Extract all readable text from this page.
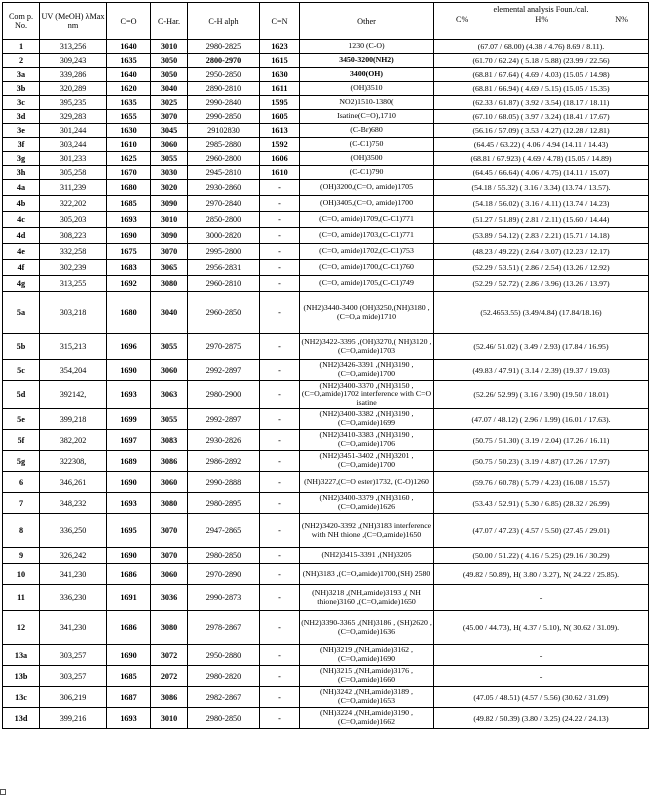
Com p. No.	UV (MeOH) λMax nm	C=O	C-Har.	C-H alph	C=N	Other	elemental analysis Foun./cal.
C% H% N%

1	313,256	1640	3010	2980-2825	1623	1230 (C-O)	(67.07 / 68.00) (4.38 / 4.76) 8.69 / 8.11).
2	309,243	1635	3050	2800-2970	1615	3450-3200(NH2)	(61.70 / 62.24) ( 5.18 / 5.88) (23.99 / 22.56)
3a	339,286	1640	3050	2950-2850	1630	3400(OH)	(68.81 / 67.64) ( 4.69 / 4.03) (15.05 / 14.98)
3b	320,289	1620	3040	2890-2810	1611	(OH)3510	(68.81 / 66.94) ( 4.69 / 5.15) (15.05 / 15.35)
3c	395,235	1635	3025	2990-2840	1595	NO2)1510-1380(	(62.33 / 61.87) ( 3.92 / 3.54) (18.17 / 18.11)
3d	329,283	1655	3070	2990-2850	1605	Isatine(C=O),1710	(67.10 / 68.05) ( 3.97 / 3.24) (18.41 / 17.67)
3e	301,244	1630	3045	29102830	1613	(C-Br)680	(56.16 / 57.09) ( 3.53 / 4.27) (12.28 / 12.81)
3f	303,244	1610	3060	2985-2880	1592	(C-C1)750	(64.45 / 63.22) ( 4.06 / 4.94 (14.11 / 14.43)
3g	301,233	1625	3055	2960-2800	1606	(OH)3500	(68.81 / 67.923) ( 4.69 / 4.78) (15.05 / 14.89)
3h	305,258	1670	3030	2945-2810	1610	(C-C1)790	(64.45 / 66.64) ( 4.06 / 4.75) (14.11 / 15.07)
4a	311,239	1680	3020	2930-2860	-	(OH)3200,(C=O, amide)1705	(54.18 / 55.32) ( 3.16 / 3.34) (13.74 / 13.57).
4b	322,202	1685	3090	2970-2840	-	(OH)3405,(C=O, amide)1700	(54.18 / 56.02) ( 3.16 / 4.11) (13.74 / 14.23)
4c	305,203	1693	3010	2850-2800	-	(C=O, amide)1709,(C-C1)771	(51.27 / 51.89) ( 2.81 / 2.11) (15.60 / 14.44)
4d	308,223	1690	3090	3000-2820	-	(C=O, amide)1703,(C-C1)771	(53.89 / 54.12) ( 2.83 / 2.21) (15.71 / 14.18)
4e	332,258	1675	3070	2995-2800	-	(C=O, amide)1702,(C-C1)753	(48.23 / 49.22) ( 2.64 / 3.07) (12.23 / 12.17)
4f	302,239	1683	3065	2956-2831	-	(C=O, amide)1700,(C-C1)760	(52.29 / 53.51) ( 2.86 / 2.54) (13.26 / 12.92)
4g	313,255	1692	3080	2960-2810	-	(C=O, amide)1705,(C-C1)749	(52.29 / 52.72) ( 2.86 / 3.96) (13.26 / 13.97)
5a	303,218	1680	3040	2960-2850	-	(NH2)3440-3400 (OH)3250,(NH)3180 ,(C=O,a mide)1710	(52.4653.55) (3.49/4.84) (17.84/18.16)
5b	315,213	1696	3055	2970-2875	-	(NH2)3422-3395 ,(OH)3270,( NH)3120 ,(C=O,amide)1703	(52.46/ 51.02) ( 3.49 / 2.93) (17.84 / 16.95)
5c	354,204	1690	3060	2992-2897	-	(NH2)3426-3391 ,(NH)3190 ,(C=O,amide)1700	(49.83 / 47.91) ( 3.14 / 2.39) (19.37 / 19.03)
5d	392142,	1693	3063	2980-2900	-	(NH2)3400-3370 ,(NH)3150 ,(C=O,amide)1702 interference with C=O isatine	(52.26/ 52.99) ( 3.16 / 3.90) (19.50 / 18.01)
5e	399,218	1699	3055	2992-2897	-	(NH2)3400-3382 ,(NH)3190 ,(C=O,amide)1699	(47.07 / 48.12) ( 2.96 / 1.99) (16.01 / 17.63).
5f	382,202	1697	3083	2930-2826	-	(NH2)3410-3383 ,(NH)3190 ,(C=O,amide)1706	(50.75 / 51.30) ( 3.19 / 2.04) (17.26 / 16.11)
5g	322308,	1689	3086	2986-2892	-	(NH2)3451-3402 ,(NH)3201 ,(C=O,amide)1700	(50.75 / 50.23) ( 3.19 / 4.87) (17.26 / 17.97)
6	346,261	1690	3060	2990-2888	-	(NH)3227,(C=O ester)1732, (C-O)1260	(59.76 / 60.78) ( 5.79 / 4.23) (16.08 / 15.57)
7	348,232	1693	3080	2980-2895	-	(NH2)3400-3379 ,(NH)3160 ,(C=O,amide)1626	(53.43 / 52.91) ( 5.30 / 6.85) (28.32 / 26.99)
8	336,250	1695	3070	2947-2865	-	(NH2)3420-3392 ,(NH)3183 interference with NH thione ,(C=O,amide)1650	(47.07 / 47.23) ( 4.57 / 5.50) (27.45 / 29.01)
9	326,242	1690	3070	2980-2850	-	(NH2)3415-3391 ,(NH)3205	(50.00 / 51.22) ( 4.16 / 5.25) (29.16 / 30.29)
10	341,230	1686	3060	2970-2890	-	(NH)3183 ,(C=O,amide)1700,(SH) 2580	(49.82 / 50.89), H( 3.80 / 3.27), N( 24.22 / 25.85).
11	336,230	1691	3036	2990-2873	-	(NH)3218 ,(NH,amide)3193 ,( NH thione)3160 ,(C=O,amide)1650	-
12	341,230	1686	3080	2978-2867	-	(NH2)3390-3365 ,(NH)3186 , (SH)2620 ,(C=O,amide)1636	(45.00 / 44.73), H( 4.37 / 5.10), N( 30.62 / 31.09).
13a	303,257	1690	3072	2950-2880	-	(NH)3219 ,(NH,amide)3162 ,(C=O,amide)1690	-
13b	303,257	1685	2072	2980-2820	-	(NH)3215 ,(NH,amide)3176 ,(C=O,amide)1660	-
13c	306,219	1687	3086	2982-2867	-	(NH)3242 ,(NH,amide)3189 ,(C=O,amide)1653	(47.05 / 48.51) (4.57 / 5.56) (30.62 / 31.09)
13d	399,216	1693	3010	2980-2850	-	(NH)3224 ,(NH,amide)3190 ,(C=O,amide)1662	(49.82 / 50.39) (3.80 / 3.25) (24.22 / 24.13)
